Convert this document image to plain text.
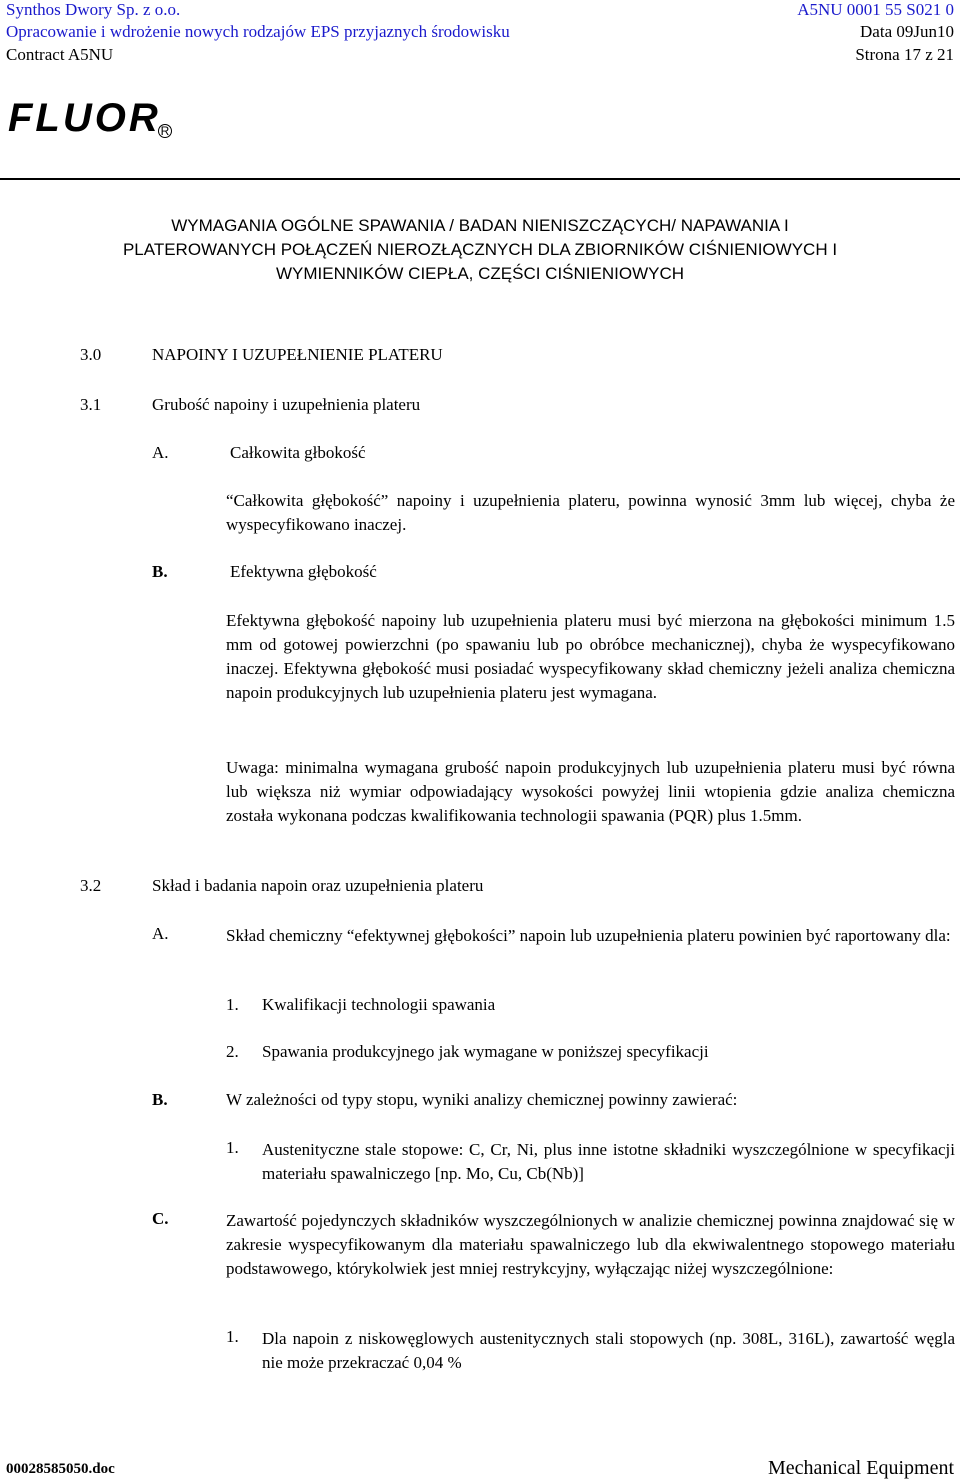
Synthos Dwory Sp. z o.o.	A5NU 0001 55 S021 0
Opracowanie i wdrożenie nowych rodzajów EPS przyjaznych środowisku	Data 09Jun10
Contract A5NU	Strona 17 z 21
FLUOR R
WYMAGANIA OGÓLNE SPAWANIA / BADAN NIENISZCZĄCYCH/ NAPAWANIA I
PLATEROWANYCH POŁĄCZEŃ NIEROZŁĄCZNYCH DLA ZBIORNIKÓW CIŚNIENIOWYCH I
WYMIENNIKÓW CIEPŁA, CZĘŚCI CIŚNIENIOWYCH
3.0	NAPOINY I UZUPEŁNIENIE PLATERU
3.1	Grubość napoiny i uzupełnienia plateru
A.	Całkowita głbokość
“Całkowita głębokość” napoiny i uzupełnienia plateru, powinna wynosić 3mm lub więcej, chyba że wyspecyfikowano inaczej.
B.	Efektywna głębokość
Efektywna głębokość napoiny lub uzupełnienia plateru musi być mierzona na głębokości minimum 1.5 mm od gotowej powierzchni (po spawaniu lub po obróbce mechanicznej), chyba że wyspecyfikowano inaczej. Efektywna głębokość musi posiadać wyspecyfikowany skład chemiczny jeżeli analiza chemiczna napoin produkcyjnych lub uzupełnienia plateru jest wymagana.
Uwaga: minimalna wymagana grubość napoin produkcyjnych lub uzupełnienia plateru musi być równa lub większa niż wymiar odpowiadający wysokości powyżej linii wtopienia gdzie analiza chemiczna została wykonana podczas kwalifikowania technologii spawania (PQR) plus 1.5mm.
3.2	Skład i badania napoin oraz uzupełnienia plateru
A.	Skład chemiczny “efektywnej głębokości” napoin lub uzupełnienia plateru powinien być raportowany dla:
1. Kwalifikacji technologii spawania
2. Spawania produkcyjnego jak wymagane w poniższej specyfikacji
B.	W zależności od typy stopu, wyniki analizy chemicznej powinny zawierać:
1. Austenityczne stale stopowe: C, Cr, Ni, plus inne istotne składniki wyszczególnione w specyfikacji materiału spawalniczego [np. Mo, Cu, Cb(Nb)]
C.	Zawartość pojedynczych składników wyszczególnionych w analizie chemicznej powinna znajdować się w zakresie wyspecyfikowanym dla materiału spawalniczego lub dla ekwiwalentnego stopowego materiału podstawowego, którykolwiek jest mniej restrykcyjny, wyłączając niżej wyszczególnione:
1. Dla napoin z niskowęglowych austenitycznych stali stopowych (np. 308L, 316L), zawartość węgla nie może przekraczać 0,04 %
00028585050.doc	Mechanical Equipment
